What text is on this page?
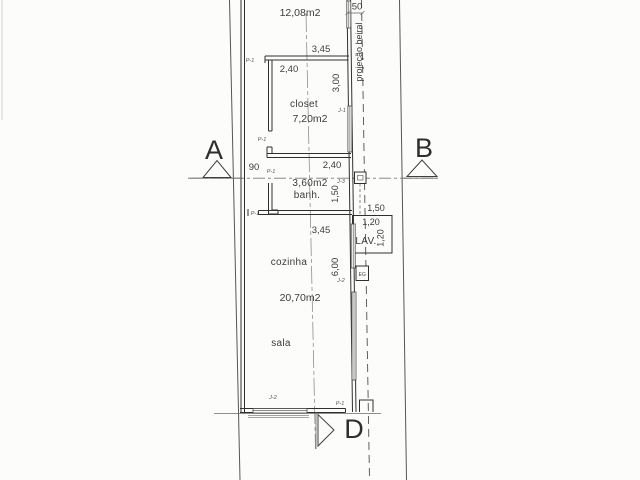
EG
50
projeção beiral
12,08m2
3,45
2,40
3,00
closet
7,20m2
90	2,40
3,60m2
banh. 1,50
1,50
1,20
LAV.
1,20
3,45
cozinha 6,00
20,70m2
sala
P-1
P-1
P-1
P-1
P-1
J-1
J-3
J-2
J-2
A	B
D
